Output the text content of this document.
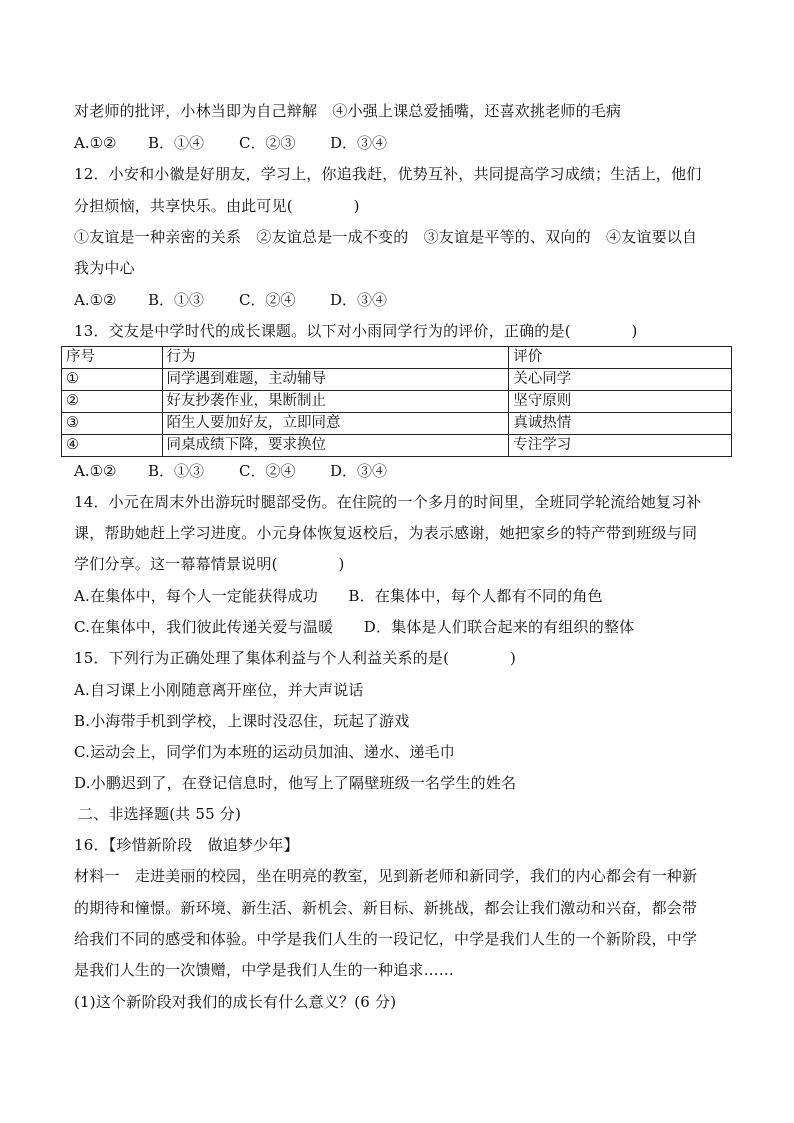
对老师的批评，小林当即为自己辩解　④小强上课总爱插嘴，还喜欢挑老师的毛病
A.①② B．①④ C．②③ D．③④
12．小安和小徽是好朋友，学习上，你追我赶，优势互补，共同提高学习成绩；生活上，他们
分担烦恼，共享快乐。由此可见(　　　　)
①友谊是一种亲密的关系　②友谊总是一成不变的　③友谊是平等的、双向的　④友谊要以自
我为中心
A.①② B．①③ C．②④ D．③④
13．交友是中学时代的成长课题。以下对小雨同学行为的评价，正确的是(　　　　)
序号	行为	评价
①	同学遇到难题，主动辅导	关心同学
②	好友抄袭作业，果断制止	坚守原则
③	陌生人要加好友，立即同意	真诚热情
④	同桌成绩下降，要求换位	专注学习
A.①② B．①③ C．②④ D．③④
14．小元在周末外出游玩时腿部受伤。在住院的一个多月的时间里，全班同学轮流给她复习补
课，帮助她赶上学习进度。小元身体恢复返校后，为表示感谢，她把家乡的特产带到班级与同
学们分享。这一幕幕情景说明(　　　　)
A.在集体中，每个人一定能获得成功　　B．在集体中，每个人都有不同的角色
C.在集体中，我们彼此传递关爱与温暖　　D．集体是人们联合起来的有组织的整体
15．下列行为正确处理了集体利益与个人利益关系的是(　　　　)
A.自习课上小刚随意离开座位，并大声说话
B.小海带手机到学校，上课时没忍住，玩起了游戏
C.运动会上，同学们为本班的运动员加油、递水、递毛巾
D.小鹏迟到了，在登记信息时，他写上了隔壁班级一名学生的姓名
二、非选择题(共 55 分)
16．【珍惜新阶段　做追梦少年】
材料一　走进美丽的校园，坐在明亮的教室，见到新老师和新同学，我们的内心都会有一种新
的期待和憧憬。新环境、新生活、新机会、新目标、新挑战，都会让我们激动和兴奋，都会带
给我们不同的感受和体验。中学是我们人生的一段记忆，中学是我们人生的一个新阶段，中学
是我们人生的一次馈赠，中学是我们人生的一种追求……
(1)这个新阶段对我们的成长有什么意义？(6 分)
